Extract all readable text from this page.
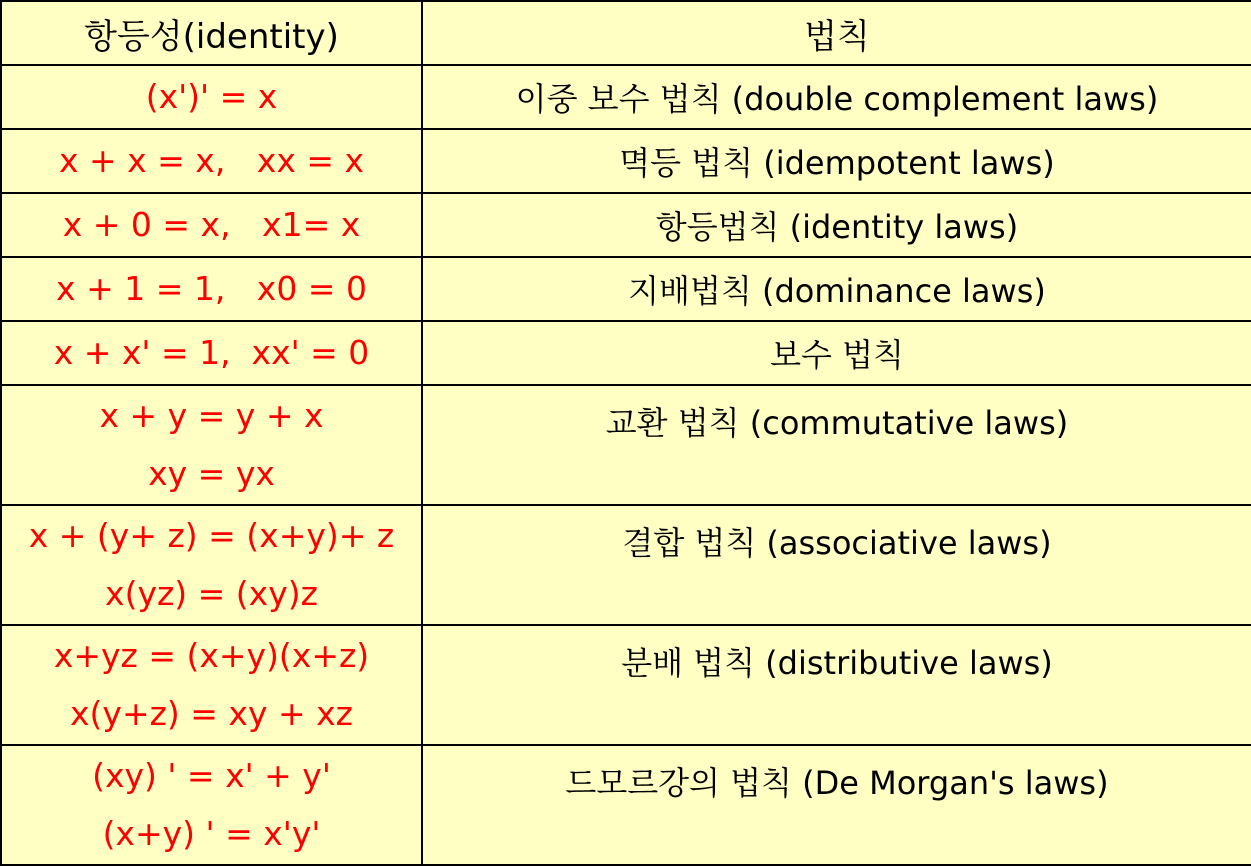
항등성(identity)	법칙

(x')' = x	이중 보수 법칙 (double complement laws)

x + x = x,   xx = x	멱등 법칙 (idempotent laws)

x + 0 = x,   x1= x	항등법칙 (identity laws)

x + 1 = 1,   x0 = 0	지배법칙 (dominance laws)

x + x' = 1,  xx' = 0	보수 법칙

x + y = y + x
xy = yx	교환 법칙 (commutative laws)

x + (y+ z) = (x+y)+ z
x(yz) = (xy)z	결합 법칙 (associative laws)

x+yz = (x+y)(x+z)
x(y+z) = xy + xz	분배 법칙 (distributive laws)

(xy) ' = x' + y'
(x+y) ' = x'y'	드모르강의 법칙 (De Morgan's laws)
